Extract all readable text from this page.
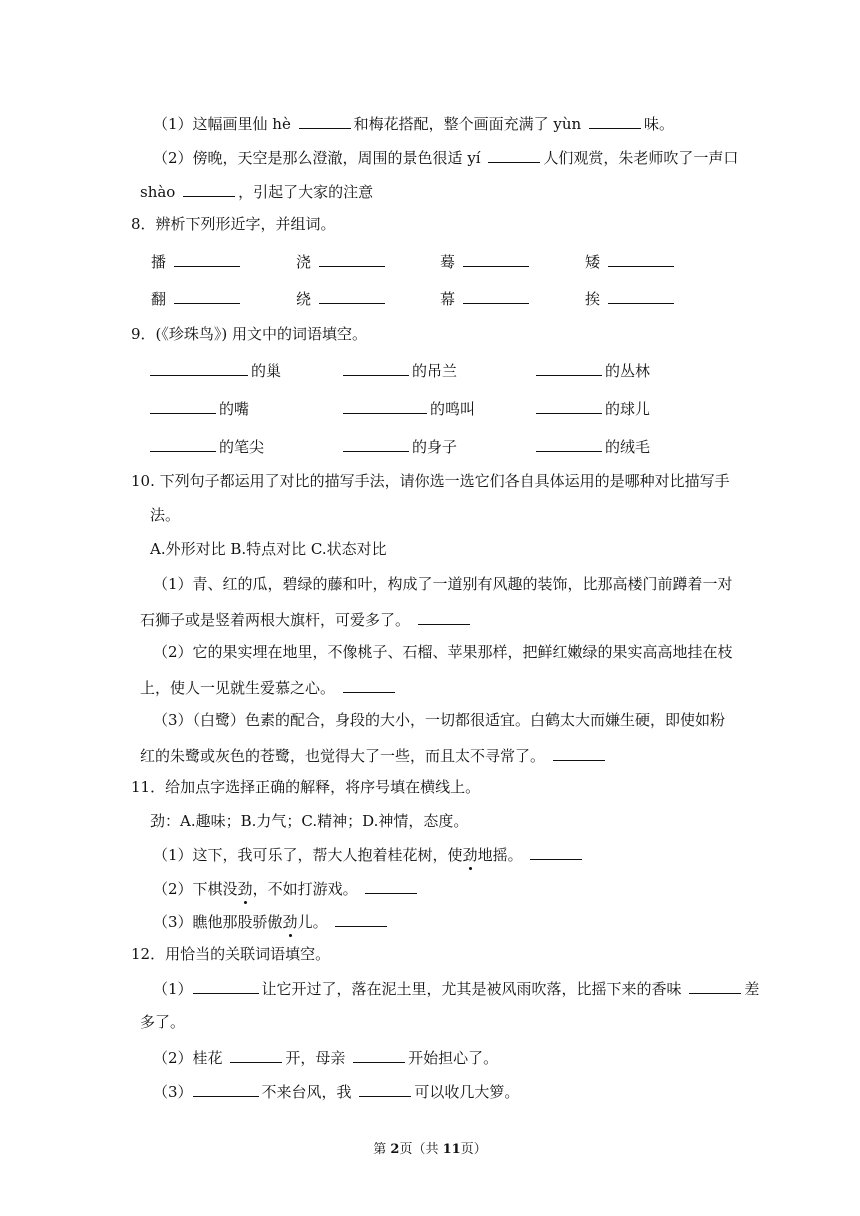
（1）这幅画里仙 hè	和梅花搭配，整个画面充满了 yùn	味。
（2）傍晚，天空是那么澄澈，周围的景色很适 yí	人们观赏，朱老师吹了一声口
shào	，引起了大家的注意
8．辨析下列形近字，并组词。
播	浇	蓦	矮
翻	绕	幕	挨
9．(《珍珠鸟》) 用文中的词语填空。
的巢	的吊兰	的丛林
的嘴	的鸣叫	的球儿
的笔尖	的身子	的绒毛
10. 下列句子都运用了对比的描写手法，请你选一选它们各自具体运用的是哪种对比描写手
法。
A.外形对比 B.特点对比 C.状态对比
（1）青、红的瓜，碧绿的藤和叶，构成了一道别有风趣的装饰，比那高楼门前蹲着一对
石狮子或是竖着两根大旗杆，可爱多了。
（2）它的果实埋在地里，不像桃子、石榴、苹果那样，把鲜红嫩绿的果实高高地挂在枝
上，使人一见就生爱慕之心。
（3）（白鹭）色素的配合，身段的大小，一切都很适宜。白鹤太大而嫌生硬，即使如粉
红的朱鹭或灰色的苍鹭，也觉得大了一些，而且太不寻常了。
11．给加点字选择正确的解释，将序号填在横线上。
劲：A.趣味；B.力气；C.精神；D.神情，态度。
（1）这下，我可乐了，帮大人抱着桂花树，使劲地摇。
（2）下棋没劲，不如打游戏。
（3）瞧他那股骄傲劲儿。
12．用恰当的关联词语填空。
（1）	让它开过了，落在泥土里，尤其是被风雨吹落，比摇下来的香味	差
多了。
（2）桂花	开，母亲	开始担心了。
（3）	不来台风，我	可以收几大箩。
第 2页（共 11页）
